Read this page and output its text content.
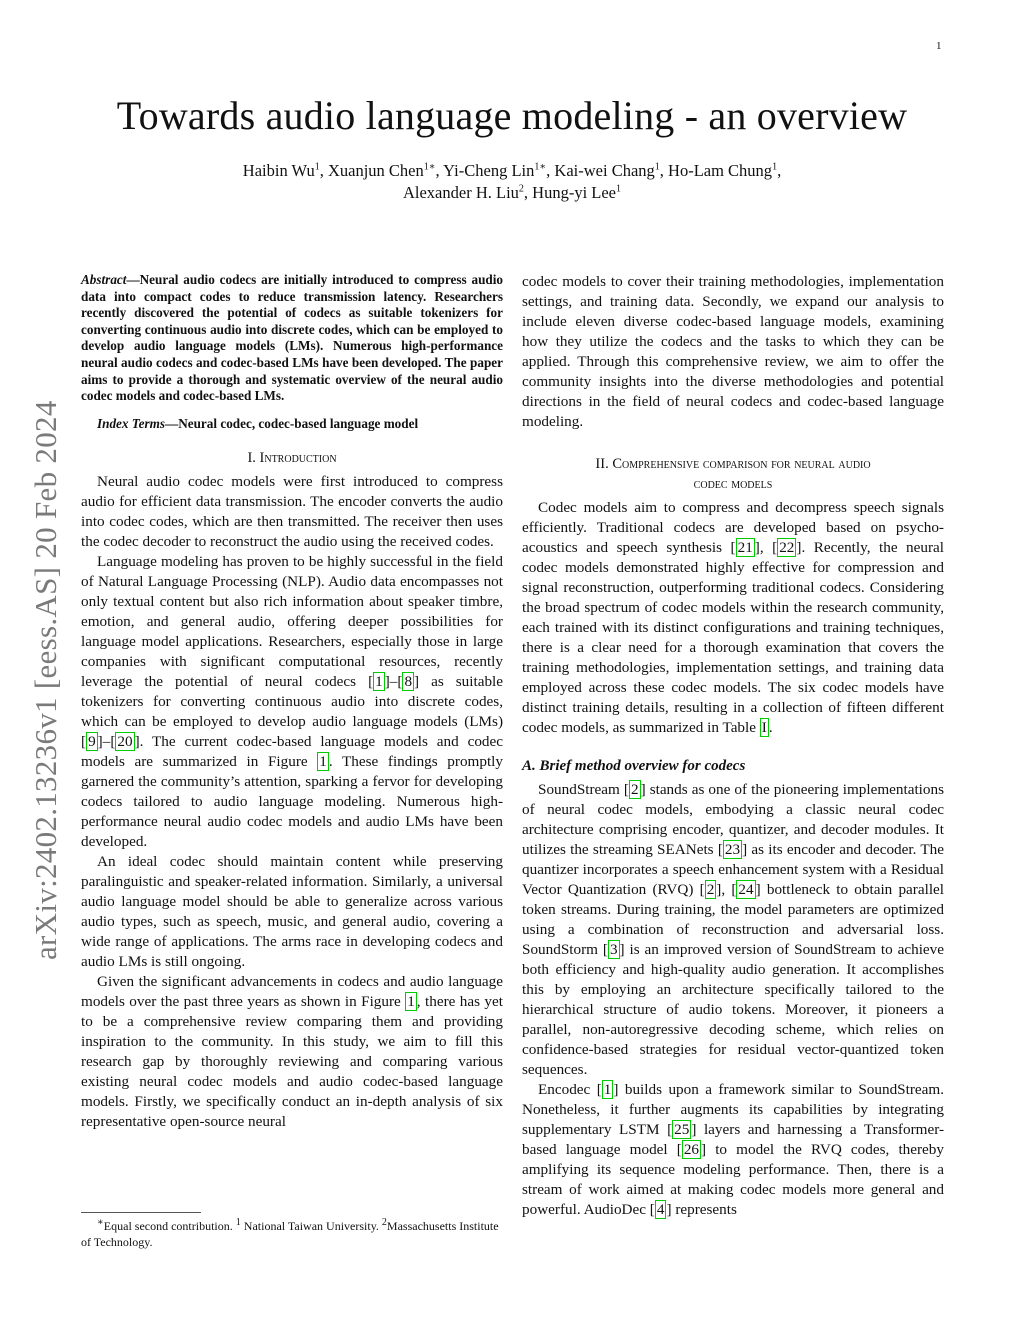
1
Towards audio language modeling - an overview
Haibin Wu$^1$, Xuanjun Chen$^{1∗}$, Yi-Cheng Lin$^{1∗}$, Kai-wei Chang$^1$, Ho-Lam Chung$^1$,
Alexander H. Liu$^2$, Hung-yi Lee$^1$
arXiv:2402.13236v1 [eess.AS] 20 Feb 2024

Abstract—Neural audio codecs are initially introduced to compress audio data into compact codes to reduce transmission latency. Researchers recently discovered the potential of codecs as suitable tokenizers for converting continuous audio into discrete codes, which can be employed to develop audio language models (LMs). Numerous high-performance neural audio codecs and codec-based LMs have been developed. The paper aims to provide a thorough and systematic overview of the neural audio codec models and codec-based LMs.

Index Terms—Neural codec, codec-based language model

I. Introduction

Neural audio codec models were first introduced to compress audio for efficient data transmission. The encoder converts the audio into codec codes, which are then transmitted. The receiver then uses the codec decoder to reconstruct the audio using the received codes.

Language modeling has proven to be highly successful in the field of Natural Language Processing (NLP). Audio data encompasses not only textual content but also rich information about speaker timbre, emotion, and general audio, offering deeper possibilities for language model applications. Researchers, especially those in large companies with significant computational resources, recently leverage the potential of neural codecs [ 1 ]–[ 8 ] as suitable tokenizers for converting continuous audio into discrete codes, which can be employed to develop audio language models (LMs) [ 9 ]–[ 20 ]. The current codec-based language models and codec models are summarized in Figure 1 . These findings promptly garnered the community’s attention, sparking a fervor for developing codecs tailored to audio language modeling. Numerous high-performance neural audio codec models and audio LMs have been developed.

An ideal codec should maintain content while preserving paralinguistic and speaker-related information. Similarly, a universal audio language model should be able to generalize across various audio types, such as speech, music, and general audio, covering a wide range of applications. The arms race in developing codecs and audio LMs is still ongoing.

Given the significant advancements in codecs and audio language models over the past three years as shown in Figure 1 , there has yet to be a comprehensive review comparing them and providing inspiration to the community. In this study, we aim to fill this research gap by thoroughly reviewing and comparing various existing neural codec models and audio codec-based language models. Firstly, we specifically conduct an in-depth analysis of six representative open-source neural

∗Equal second contribution. $^1$ National Taiwan University. $^2$Massachusetts Institute of Technology.

codec models to cover their training methodologies, implementation settings, and training data. Secondly, we expand our analysis to include eleven diverse codec-based language models, examining how they utilize the codecs and the tasks to which they can be applied. Through this comprehensive review, we aim to offer the community insights into the diverse methodologies and potential directions in the field of neural codecs and codec-based language modeling.

II. Comprehensive comparison for neural audio
codec models

Codec models aim to compress and decompress speech signals efficiently. Traditional codecs are developed based on psycho-acoustics and speech synthesis [ 21 ], [ 22 ]. Recently, the neural codec models demonstrated highly effective for compression and signal reconstruction, outperforming traditional codecs. Considering the broad spectrum of codec models within the research community, each trained with its distinct configurations and training techniques, there is a clear need for a thorough examination that covers the training methodologies, implementation settings, and training data employed across these codec models. The six codec models have distinct training details, resulting in a collection of fifteen different codec models, as summarized in Table I .

A. Brief method overview for codecs

SoundStream [ 2 ] stands as one of the pioneering implementations of neural codec models, embodying a classic neural codec architecture comprising encoder, quantizer, and decoder modules. It utilizes the streaming SEANets [ 23 ] as its encoder and decoder. The quantizer incorporates a speech enhancement system with a Residual Vector Quantization (RVQ) [ 2 ], [ 24 ] bottleneck to obtain parallel token streams. During training, the model parameters are optimized using a combination of reconstruction and adversarial loss. SoundStorm [ 3 ] is an improved version of SoundStream to achieve both efficiency and high-quality audio generation. It accomplishes this by employing an architecture specifically tailored to the hierarchical structure of audio tokens. Moreover, it pioneers a parallel, non-autoregressive decoding scheme, which relies on confidence-based strategies for residual vector-quantized token sequences.

Encodec [ 1 ] builds upon a framework similar to SoundStream. Nonetheless, it further augments its capabilities by integrating supplementary LSTM [ 25 ] layers and harnessing a Transformer-based language model [ 26 ] to model the RVQ codes, thereby amplifying its sequence modeling performance. Then, there is a stream of work aimed at making codec models more general and powerful. AudioDec [ 4 ] represents
